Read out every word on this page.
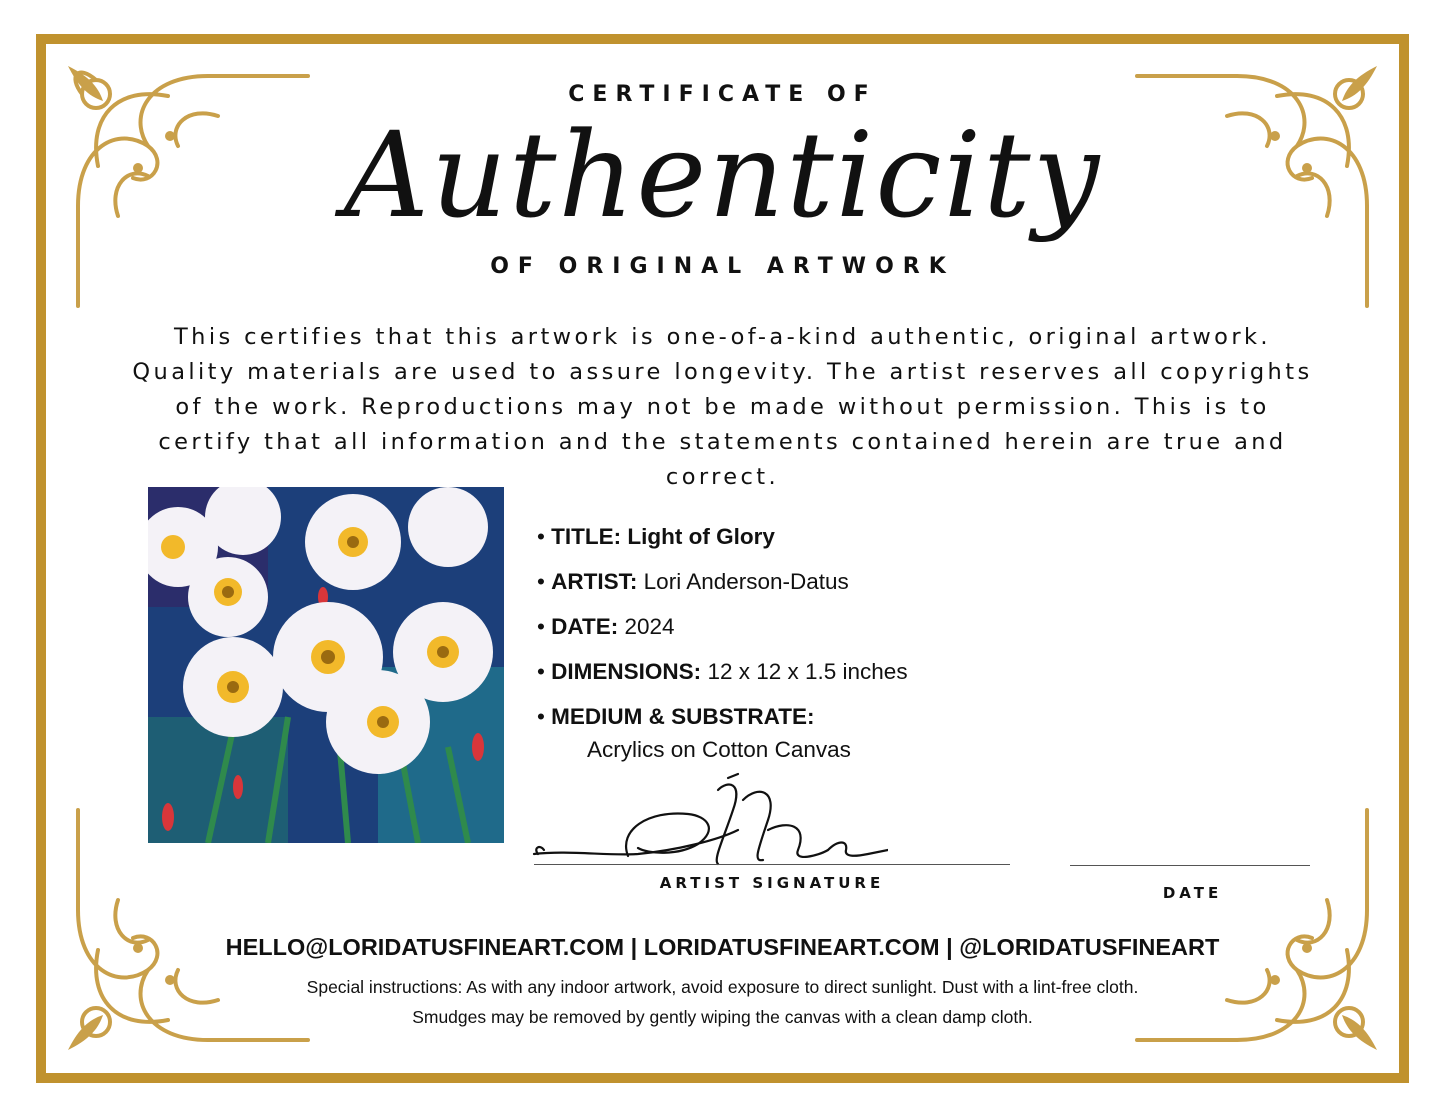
CERTIFICATE OF
Authenticity
OF ORIGINAL ARTWORK
This certifies that this artwork is one-of-a-kind authentic, original artwork. Quality materials are used to assure longevity. The artist reserves all copyrights of the work. Reproductions may not be made without permission. This is to certify that all information and the statements contained herein are true and correct.
• TITLE: Light of Glory
• ARTIST: Lori Anderson-Datus
• DATE: 2024
• DIMENSIONS: 12 x 12 x 1.5 inches
• MEDIUM & SUBSTRATE:
Acrylics on Cotton Canvas
ARTIST SIGNATURE
DATE
HELLO@LORIDATUSFINEART.COM | LORIDATUSFINEART.COM | @LORIDATUSFINEART
Special instructions: As with any indoor artwork, avoid exposure to direct sunlight. Dust with a lint-free cloth.
Smudges may be removed by gently wiping the canvas with a clean damp cloth.
